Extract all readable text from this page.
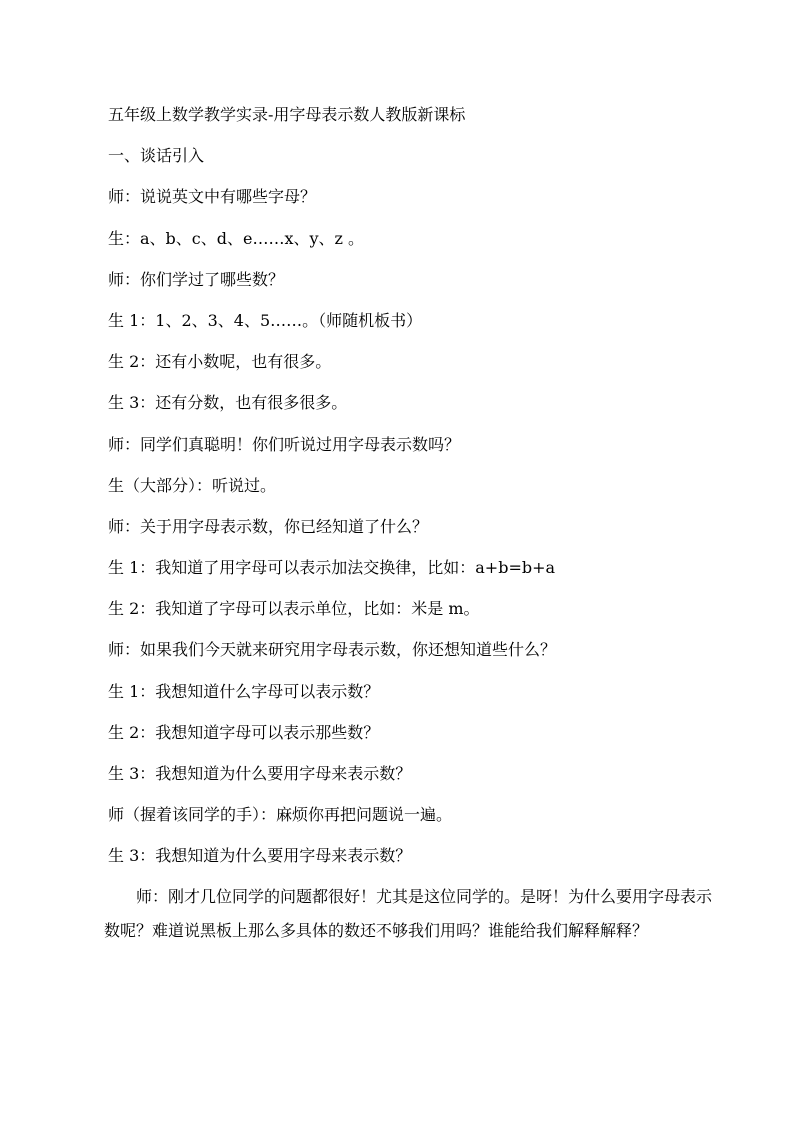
五年级上数学教学实录-用字母表示数人教版新课标
一、谈话引入
师：说说英文中有哪些字母？
生：a、b、c、d、e……x、y、z 。
师：你们学过了哪些数？
生 1：1、2、3、4、5……。（师随机板书）
生 2：还有小数呢，也有很多。
生 3：还有分数，也有很多很多。
师：同学们真聪明！你们听说过用字母表示数吗？
生（大部分）：听说过。
师：关于用字母表示数，你已经知道了什么？
生 1：我知道了用字母可以表示加法交换律，比如：a+b=b+a
生 2：我知道了字母可以表示单位，比如：米是 m。
师：如果我们今天就来研究用字母表示数，你还想知道些什么？
生 1：我想知道什么字母可以表示数？
生 2：我想知道字母可以表示那些数？
生 3：我想知道为什么要用字母来表示数？
师（握着该同学的手）：麻烦你再把问题说一遍。
生 3：我想知道为什么要用字母来表示数？
师：刚才几位同学的问题都很好！尤其是这位同学的。是呀！为什么要用字母表示数呢？难道说黑板上那么多具体的数还不够我们用吗？谁能给我们解释解释？
